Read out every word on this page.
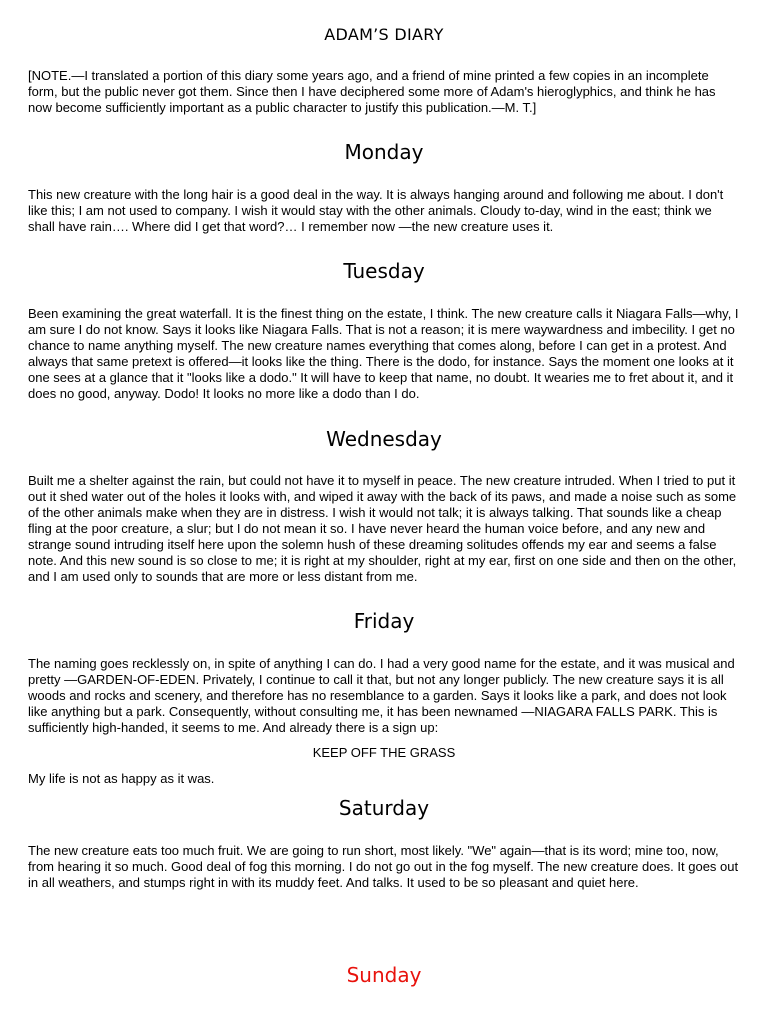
ADAM’S DIARY

[NOTE.—I translated a portion of this diary some years ago, and a friend of mine printed a few copies in an incomplete form, but the public never got them. Since then I have deciphered some more of Adam's hieroglyphics, and think he has now become sufficiently important as a public character to justify this publication.—M. T.]

Monday

This new creature with the long hair is a good deal in the way. It is always hanging around and following me about. I don't like this; I am not used to company. I wish it would stay with the other animals. Cloudy to-day, wind in the east; think we shall have rain…. Where did I get that word?… I remember now —the new creature uses it.

Tuesday

Been examining the great waterfall. It is the finest thing on the estate, I think. The new creature calls it Niagara Falls—why, I am sure I do not know. Says it looks like Niagara Falls. That is not a reason; it is mere waywardness and imbecility. I get no chance to name anything myself. The new creature names everything that comes along, before I can get in a protest. And always that same pretext is offered—it looks like the thing. There is the dodo, for instance. Says the moment one looks at it one sees at a glance that it "looks like a dodo." It will have to keep that name, no doubt. It wearies me to fret about it, and it does no good, anyway. Dodo! It looks no more like a dodo than I do.

Wednesday

Built me a shelter against the rain, but could not have it to myself in peace. The new creature intruded. When I tried to put it out it shed water out of the holes it looks with, and wiped it away with the back of its paws, and made a noise such as some of the other animals make when they are in distress. I wish it would not talk; it is always talking. That sounds like a cheap fling at the poor creature, a slur; but I do not mean it so. I have never heard the human voice before, and any new and strange sound intruding itself here upon the solemn hush of these dreaming solitudes offends my ear and seems a false note. And this new sound is so close to me; it is right at my shoulder, right at my ear, first on one side and then on the other, and I am used only to sounds that are more or less distant from me.

Friday

The naming goes recklessly on, in spite of anything I can do. I had a very good name for the estate, and it was musical and pretty —GARDEN-OF-EDEN. Privately, I continue to call it that, but not any longer publicly. The new creature says it is all woods and rocks and scenery, and therefore has no resemblance to a garden. Says it looks like a park, and does not look like anything but a park. Consequently, without consulting me, it has been newnamed —NIAGARA FALLS PARK. This is sufficiently high-handed, it seems to me. And already there is a sign up:

KEEP OFF THE GRASS

My life is not as happy as it was.

Saturday

The new creature eats too much fruit. We are going to run short, most likely. "We" again—that is its word; mine too, now, from hearing it so much. Good deal of fog this morning. I do not go out in the fog myself. The new creature does. It goes out in all weathers, and stumps right in with its muddy feet. And talks. It used to be so pleasant and quiet here.

Sunday
